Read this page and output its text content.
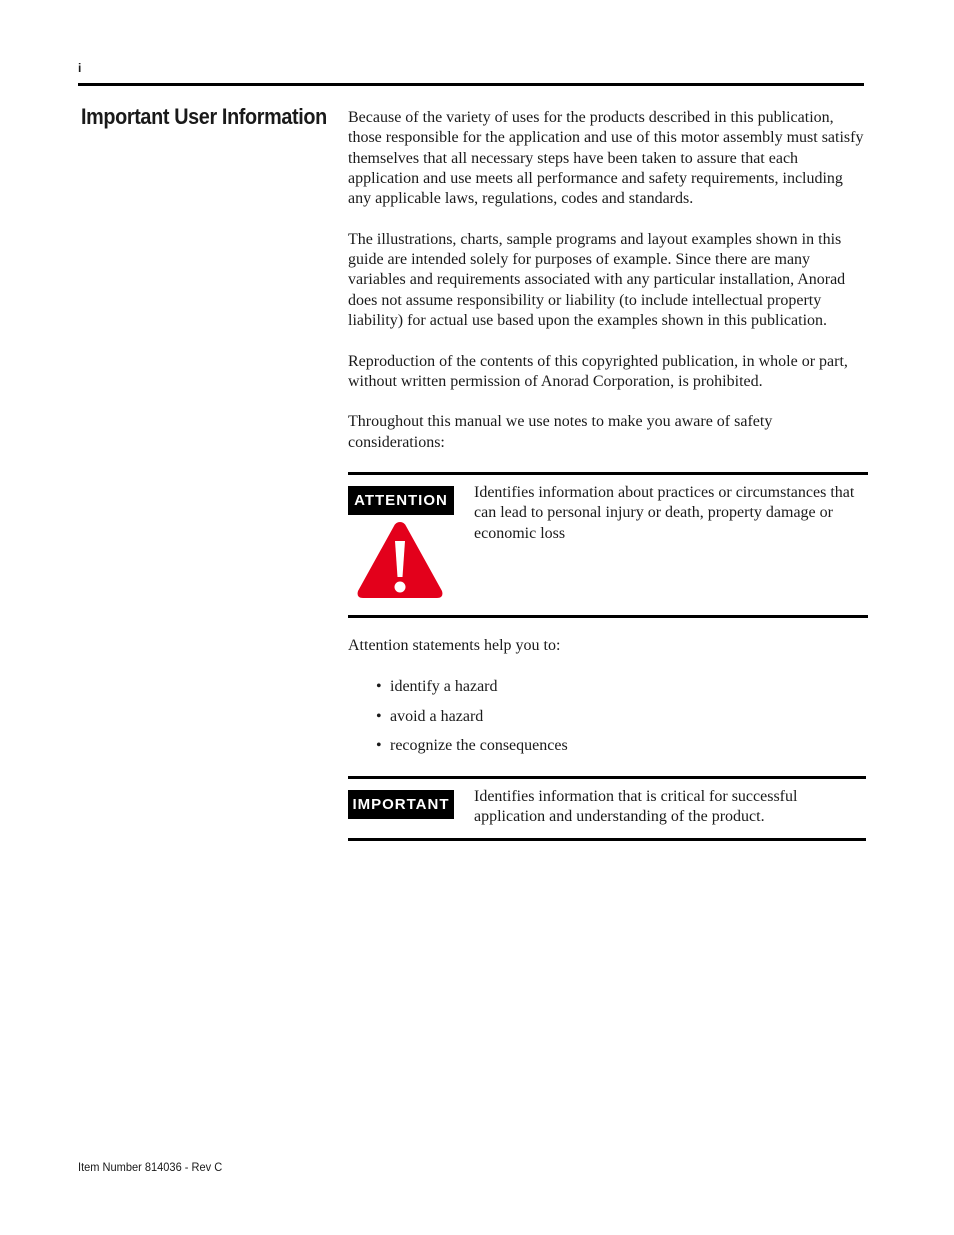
i
Important User Information Because of the variety of uses for the products described in this publication, those responsible for the application and use of this motor assembly must satisfy themselves that all necessary steps have been taken to assure that each application and use meets all performance and safety requirements, including any applicable laws, regulations, codes and standards.

The illustrations, charts, sample programs and layout examples shown in this guide are intended solely for purposes of example. Since there are many variables and requirements associated with any particular installation, Anorad does not assume responsibility or liability (to include intellectual property liability) for actual use based upon the examples shown in this publication.

Reproduction of the contents of this copyrighted publication, in whole or part, without written permission of Anorad Corporation, is prohibited.

Throughout this manual we use notes to make you aware of safety considerations:

ATTENTION	Identifies information about practices or circumstances that can lead to personal injury or death, property damage or economic loss
Attention statements help you to:
• identify a hazard
• avoid a hazard
• recognize the consequences
IMPORTANT Identifies information that is critical for successful application and understanding of the product.
Item Number 814036 - Rev C
